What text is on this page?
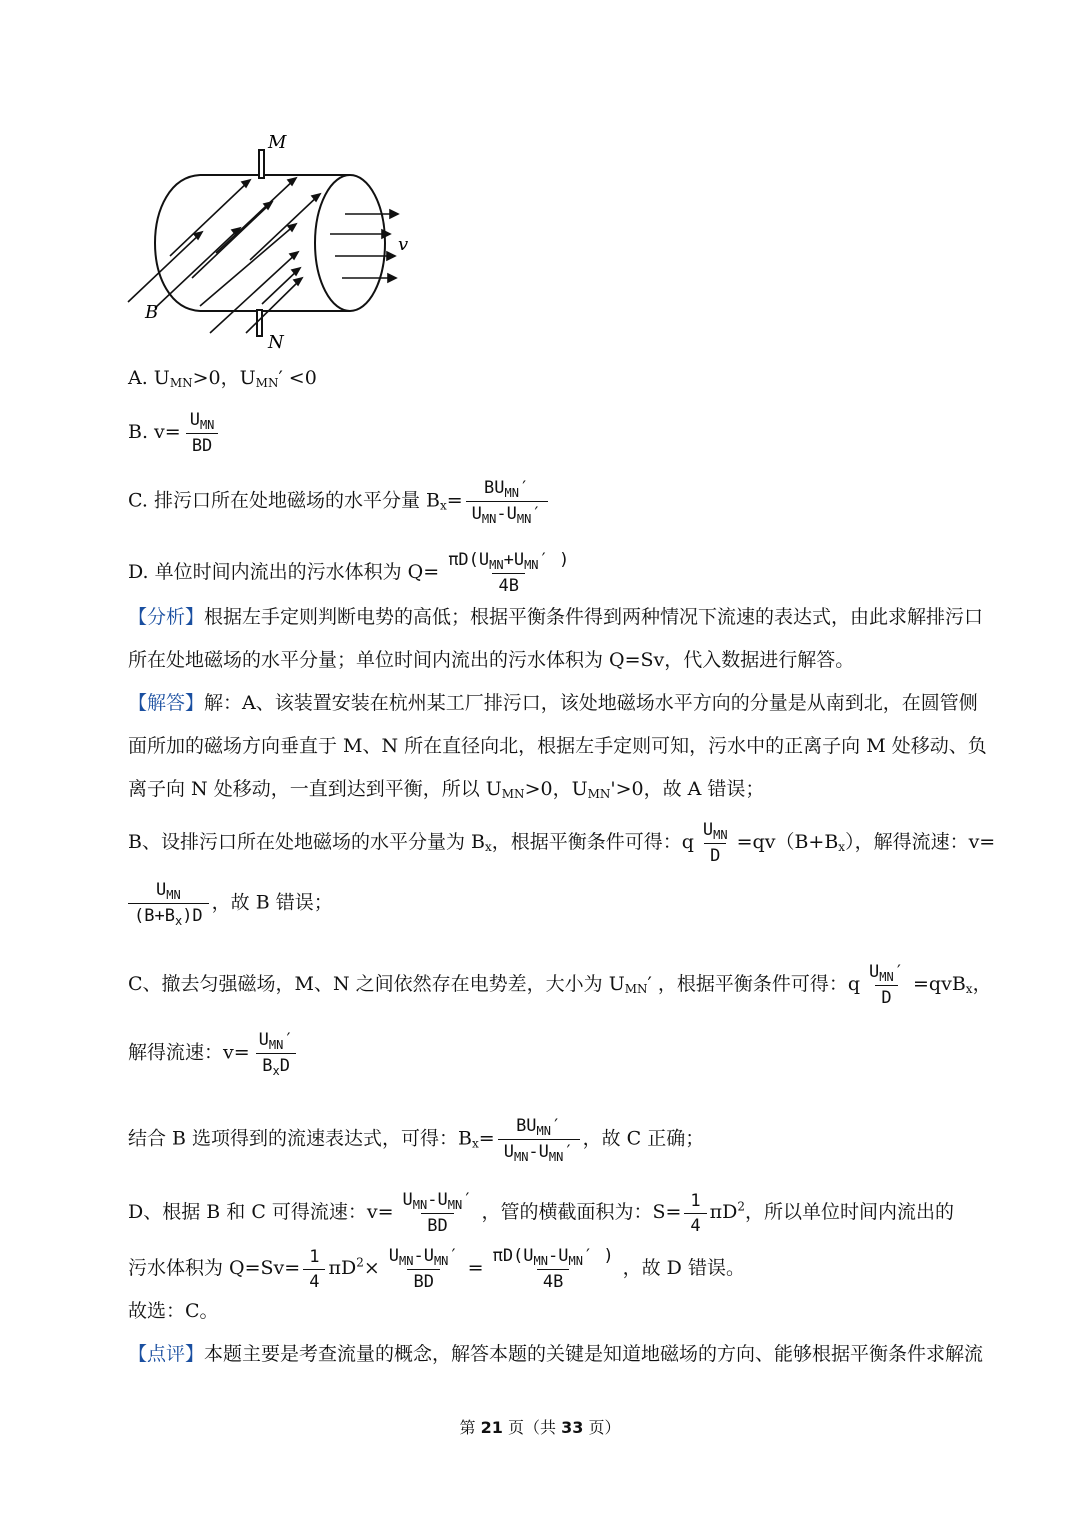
M
N
B
v
A. $U_{MN}>0$，$U_{MN}' <0$
B. $v= \frac{U_{MN}}{BD}$
C. 排污口所在处地磁场的水平分量 $B_x= \frac{BU_{MN}'}{U_{MN}-U_{MN}'}$
D. 单位时间内流出的污水体积为 $Q= \frac{\pi D(U_{MN}+U_{MN}' )}{4B}$
【分析】根据左手定则判断电势的高低；根据平衡条件得到两种情况下流速的表达式，由此求解排污口
所在处地磁场的水平分量；单位时间内流出的污水体积为 Q=Sv，代入数据进行解答。
【解答】解：A、该装置安装在杭州某工厂排污口，该处地磁场水平方向的分量是从南到北，在圆管侧
面所加的磁场方向垂直于 M、N 所在直径向北，根据左手定则可知，污水中的正离子向 M 处移动、负
离子向 N 处移动，一直到达到平衡，所以 $U_{MN}>0$，$U_{MN}'>0$，故 A 错误；
B、设排污口所在处地磁场的水平分量为 $B_x$，根据平衡条件可得：q $\frac{U_{MN}}{D} =qv(B+B_x)$，解得流速：v=
$\frac{U_{MN}}{(B+B_x)D}$ ，故 B 错误；
C、撤去匀强磁场，M、N 之间依然存在电势差，大小为 $U_{MN}'$ ，根据平衡条件可得：q $\frac{U_{MN}'}{D} =qvB_x$，
解得流速：$v= \frac{U_{MN}'}{B_xD}$
结合 B 选项得到的流速表达式，可得：$B_x= \frac{BU_{MN}'}{U_{MN}-U_{MN}'}$ ，故 C 正确；
D、根据 B 和 C 可得流速：$v= \frac{U_{MN}-U_{MN}'}{BD}$ ，管的横截面积为：$S= \frac{1}{4} \pi D^2$，所以单位时间内流出的
污水体积为 $Q=Sv= \frac{1}{4} \pi D^2\times \frac{U_{MN}-U_{MN}'}{BD} = \frac{\pi D(U_{MN}-U_{MN}' )}{4B}$ ，故 D 错误。
故选：C。
【点评】本题主要是考查流量的概念，解答本题的关键是知道地磁场的方向、能够根据平衡条件求解流
第 21 页（共 33 页）
